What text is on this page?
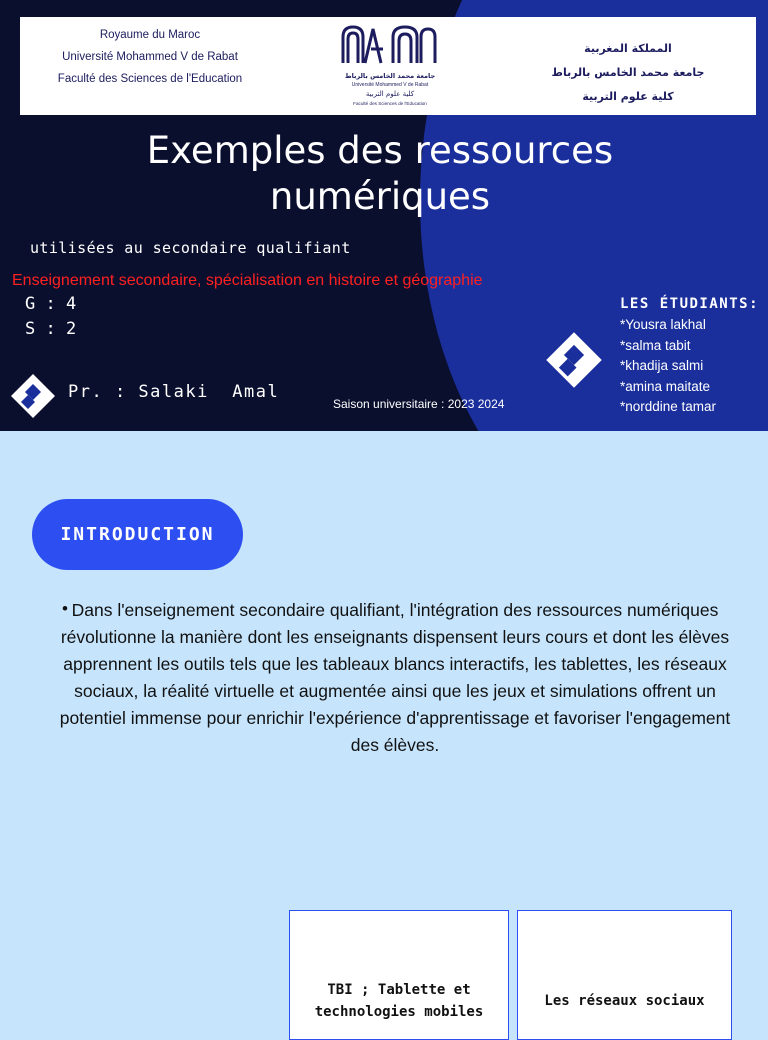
Royaume du Maroc
Université Mohammed V de Rabat
Faculté des Sciences de l'Education	جامعة محمد الخامس بالرباط
Université Mohammed V de Rabat
كلية علوم التربية
Faculté des Sciences de l'Education
المملكة المغربية
جامعة محمد الخامس بالرباط
كلية علوم التربية
Exemples des ressources
numériques
utilisées au secondaire qualifiant
Enseignement secondaire, spécialisation en histoire et géographie
G : 4
S : 2
Pr. : Salaki  Amal
Saison universitaire : 2023 2024
LES ÉTUDIANTS:
*Yousra lakhal
*salma tabit
*khadija salmi
*amina maitate
*norddine tamar
INTRODUCTION
• Dans l'enseignement secondaire qualifiant, l'intégration des ressources numériques révolutionne la manière dont les enseignants dispensent leurs cours et dont les élèves apprennent les outils tels que les tableaux blancs interactifs, les tablettes, les réseaux sociaux, la réalité virtuelle et augmentée ainsi que les jeux et simulations offrent un potentiel immense pour enrichir l'expérience d'apprentissage et favoriser l'engagement des élèves.
TBI ; Tablette et
technologies mobiles
Les réseaux sociaux
